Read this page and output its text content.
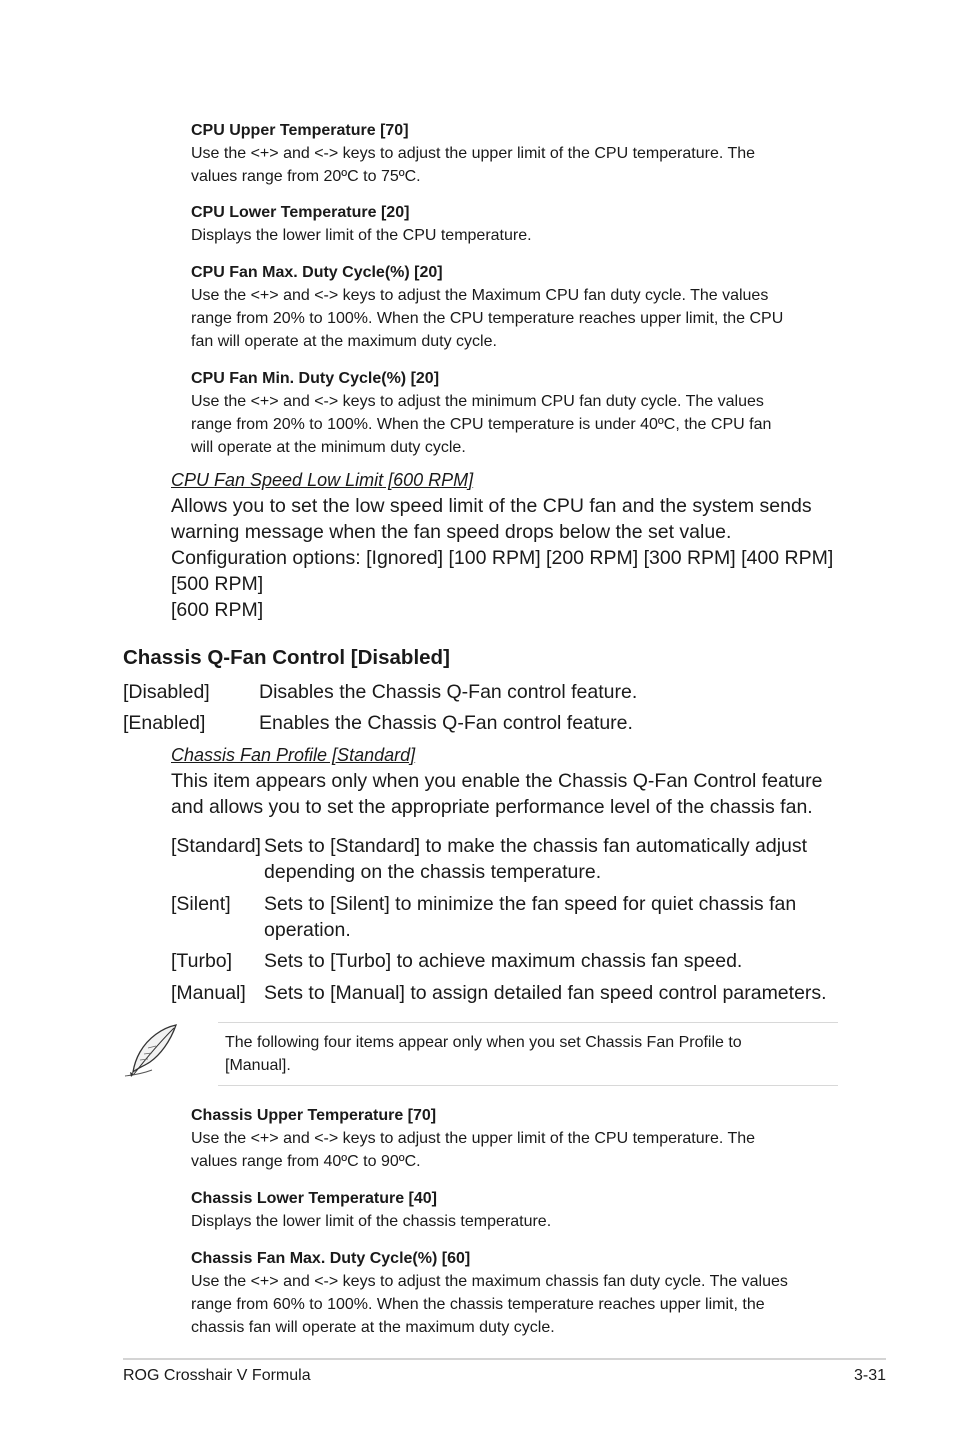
CPU Upper Temperature [70]

Use the <+> and <-> keys to adjust the upper limit of the CPU temperature. The

values range from 20ºC to 75ºC.

CPU Lower Temperature [20]

Displays the lower limit of the CPU temperature.

CPU Fan Max. Duty Cycle(%) [20]

Use the <+> and <-> keys to adjust the Maximum CPU fan duty cycle. The values

range from 20% to 100%. When the CPU temperature reaches upper limit, the CPU

fan will operate at the maximum duty cycle.

CPU Fan Min. Duty Cycle(%) [20]

Use the <+> and <-> keys to adjust the minimum CPU fan duty cycle. The values

range from 20% to 100%. When the CPU temperature is under 40ºC, the CPU fan

will operate at the minimum duty cycle.

CPU Fan Speed Low Limit [600 RPM]
Allows you to set the low speed limit of the CPU fan and the system sends
warning message when the fan speed drops below the set value.
Configuration options: [Ignored] [100 RPM] [200 RPM] [300 RPM] [400 RPM]
[500 RPM]
[600 RPM]
Chassis Q-Fan Control [Disabled]
[Disabled]	Disables the Chassis Q-Fan control feature.
[Enabled]	Enables the Chassis Q-Fan control feature.
Chassis Fan Profile [Standard]
This item appears only when you enable the Chassis Q-Fan Control feature
and allows you to set the appropriate performance level of the chassis fan.
[Standard] Sets to [Standard] to make the chassis fan automatically adjust
depending on the chassis temperature.
[Silent] Sets to [Silent] to minimize the fan speed for quiet chassis fan
operation.
[Turbo] Sets to [Turbo] to achieve maximum chassis fan speed.
[Manual] Sets to [Manual] to assign detailed fan speed control parameters.
The following four items appear only when you set Chassis Fan Profile to
[Manual].
Chassis Upper Temperature [70]

Use the <+> and <-> keys to adjust the upper limit of the CPU temperature. The

values range from 40ºC to 90ºC.

Chassis Lower Temperature [40]

Displays the lower limit of the chassis temperature.

Chassis Fan Max. Duty Cycle(%) [60]

Use the <+> and <-> keys to adjust the maximum chassis fan duty cycle. The values

range from 60% to 100%. When the chassis temperature reaches upper limit, the

chassis fan will operate at the maximum duty cycle.

ROG Crosshair V Formula	3-31
